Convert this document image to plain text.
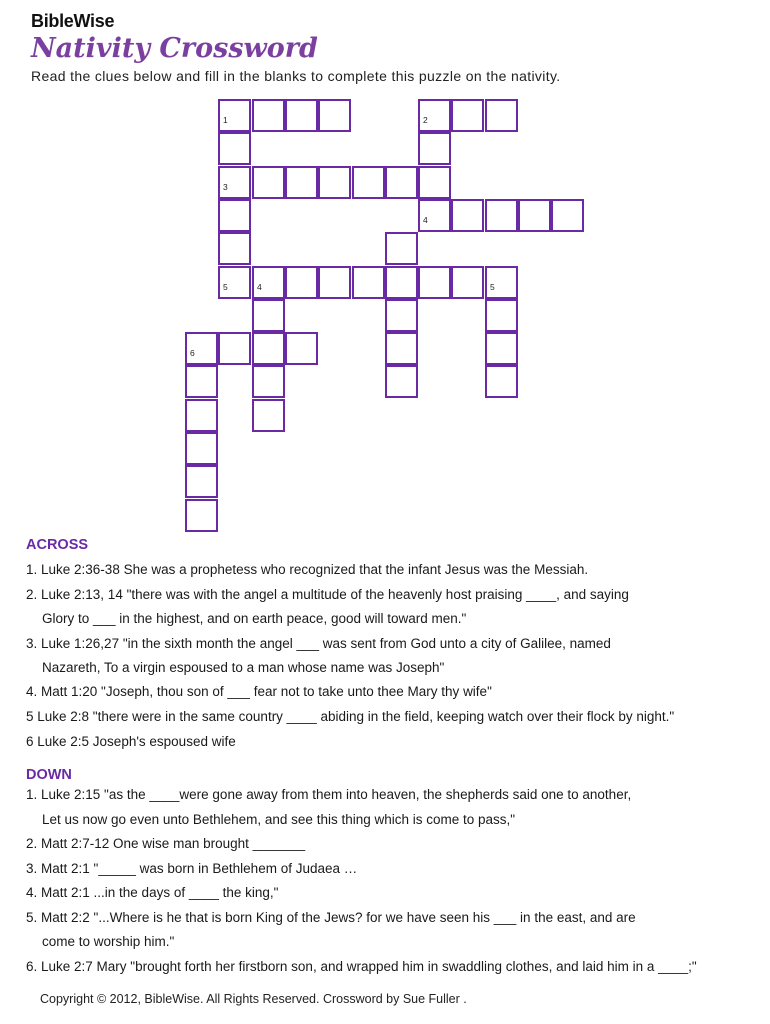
BibleWise
Nativity Crossword
Read the clues below and fill in the blanks to complete this puzzle on the nativity.
1	2
3
4
5	4	5
6
ACROSS
1. Luke 2:36-38 She was a prophetess who recognized that the infant Jesus was the Messiah.
2. Luke 2:13, 14 "there was with the angel a multitude of the heavenly host praising ____, and saying
Glory to ___ in the highest, and on earth peace, good will toward men."
3. Luke 1:26,27 "in the sixth month the angel ___ was sent from God unto a city of Galilee, named
Nazareth, To a virgin espoused to a man whose name was Joseph"
4. Matt 1:20 "Joseph, thou son of ___ fear not to take unto thee Mary thy wife"
5 Luke 2:8 "there were in the same country ____ abiding in the field, keeping watch over their flock by night."
6 Luke 2:5 Joseph's espoused wife
DOWN
1. Luke 2:15 "as the ____were gone away from them into heaven, the shepherds said one to another,
Let us now go even unto Bethlehem, and see this thing which is come to pass,"
2. Matt 2:7-12 One wise man brought _______
3. Matt 2:1 "_____ was born in Bethlehem of Judaea …
4. Matt 2:1 ...in the days of ____ the king,"
5. Matt 2:2 "...Where is he that is born King of the Jews? for we have seen his ___ in the east, and are
come to worship him."
6. Luke 2:7 Mary "brought forth her firstborn son, and wrapped him in swaddling clothes, and laid him in a ____;"
Copyright © 2012, BibleWise. All Rights Reserved. Crossword by Sue Fuller .
